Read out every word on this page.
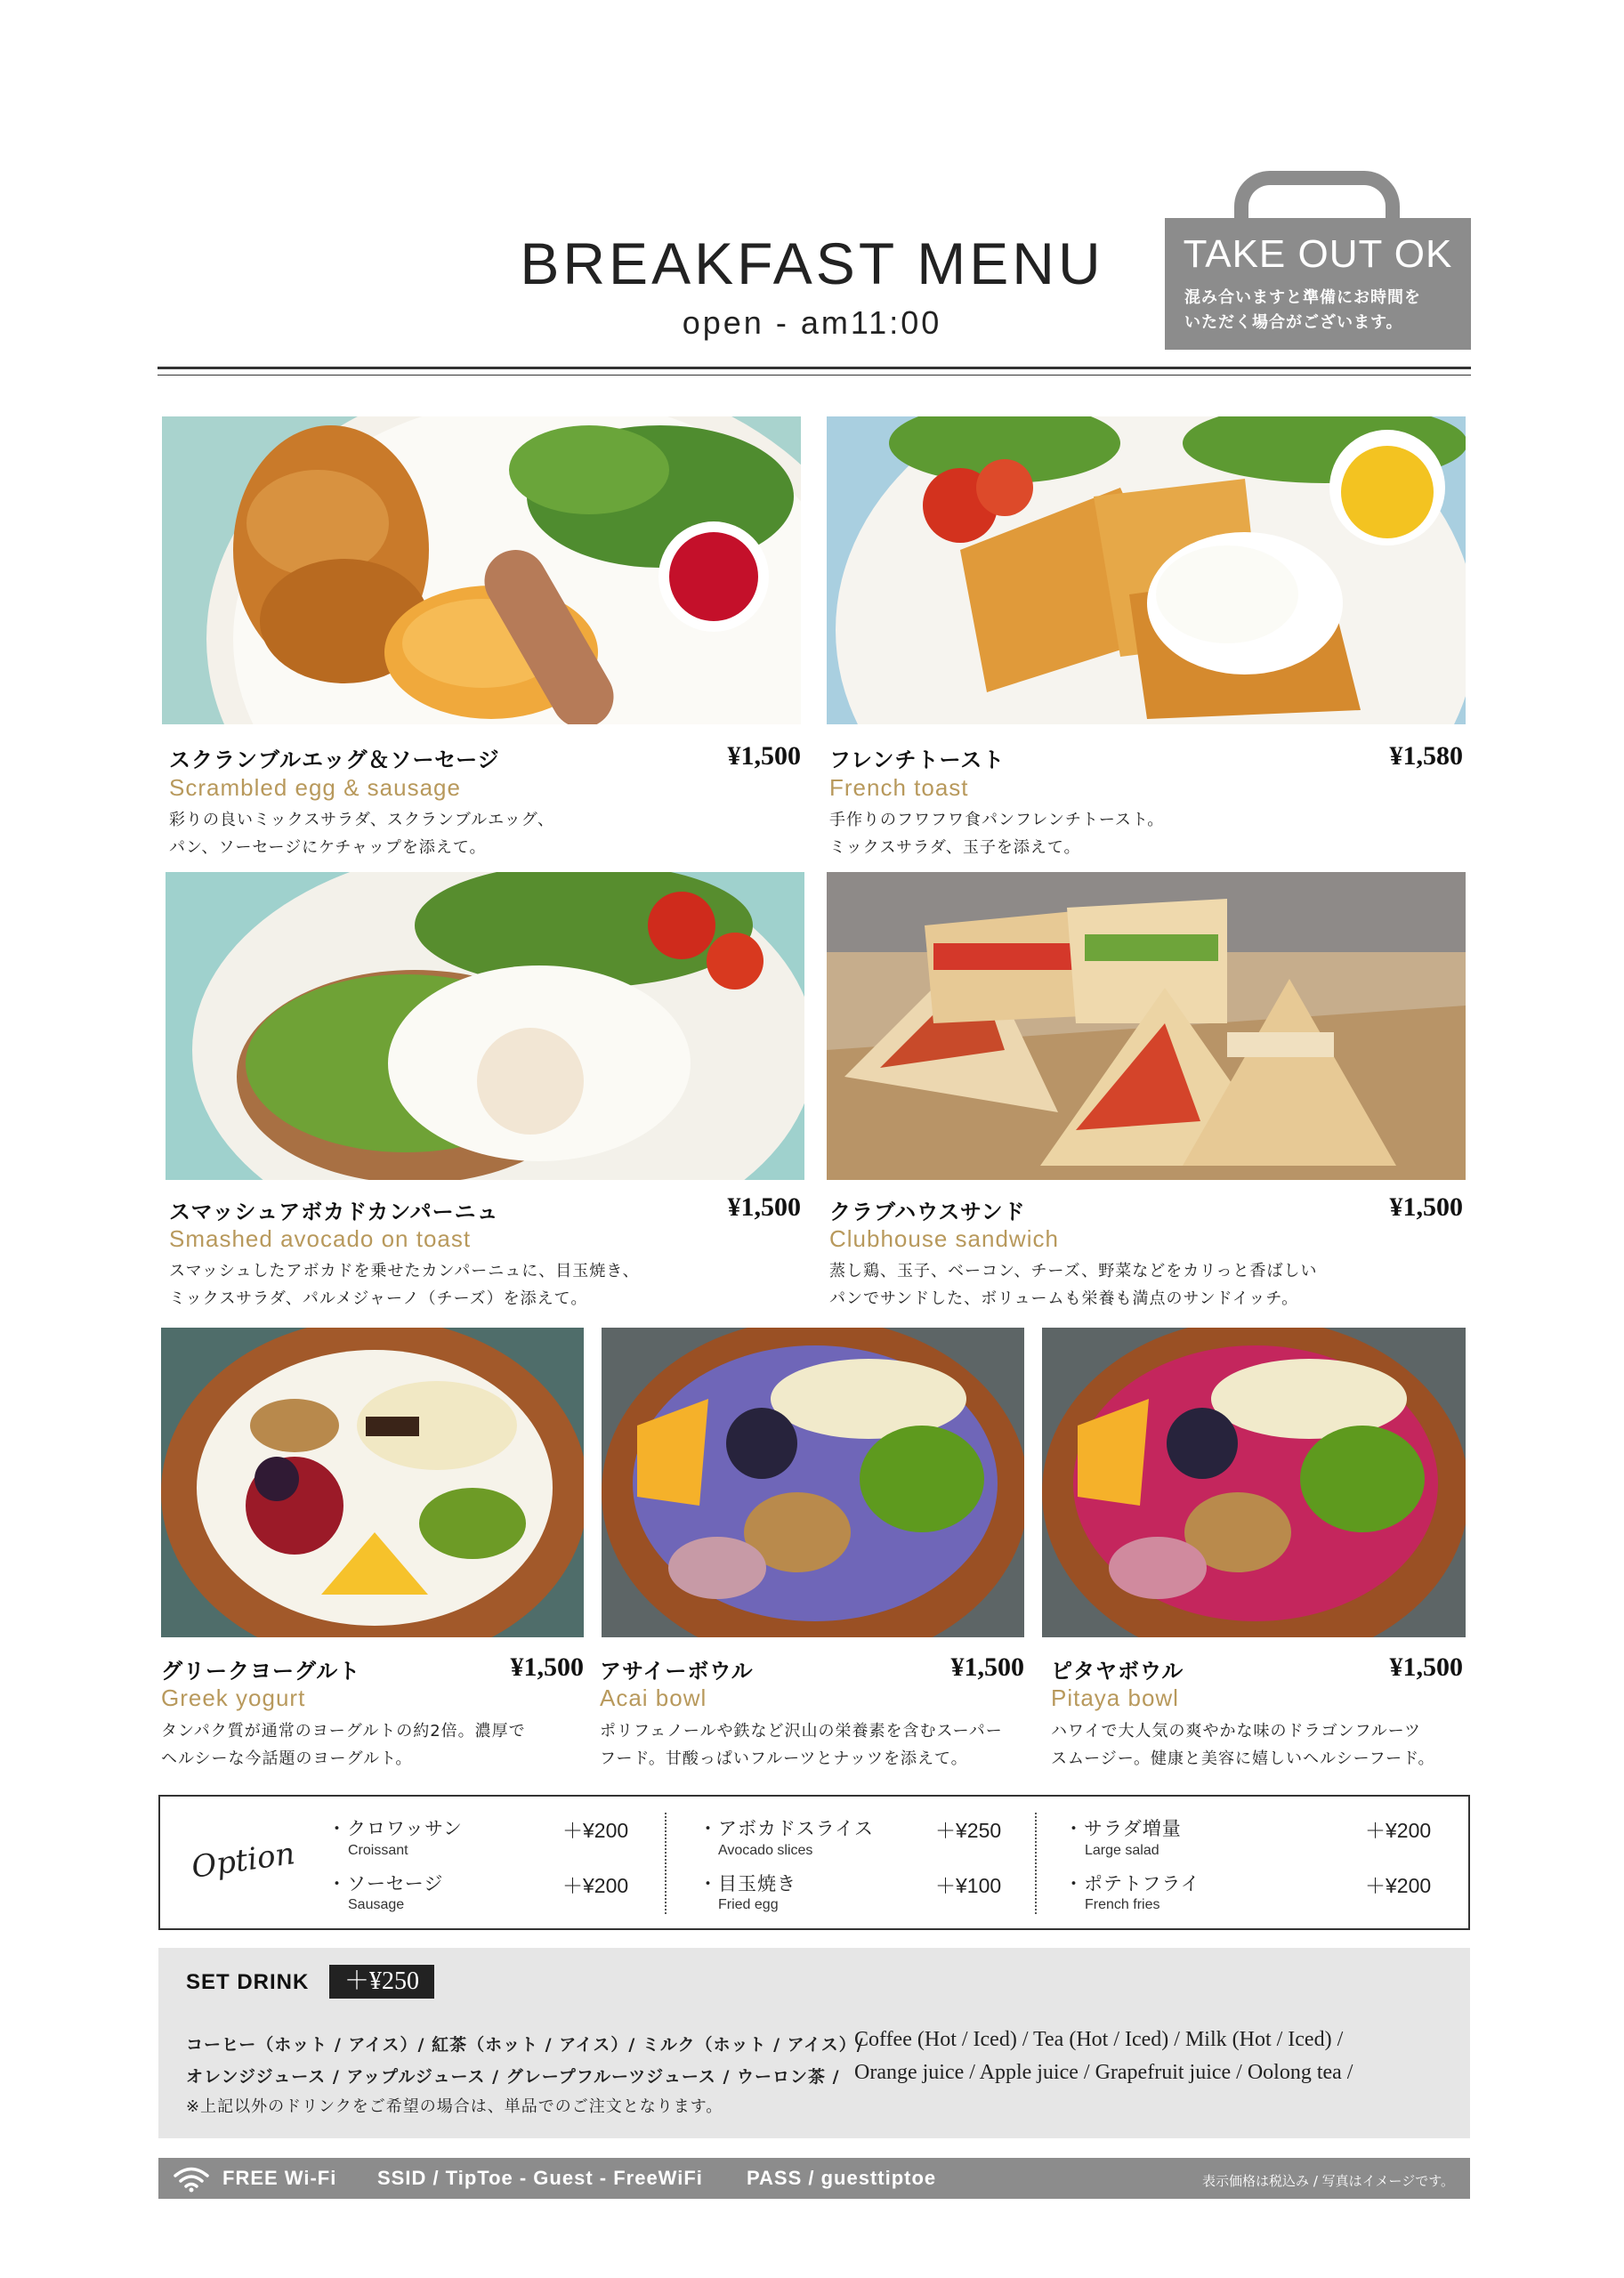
BREAKFAST MENU
open - am11:00
TAKE OUT OK
混み合いますと準備にお時間を
いただく場合がございます。
スクランブルエッグ＆ソーセージ	¥1,500
Scrambled egg & sausage
彩りの良いミックスサラダ、スクランブルエッグ、
パン、ソーセージにケチャップを添えて。
フレンチトースト	¥1,580
French toast
手作りのフワフワ食パンフレンチトースト。
ミックスサラダ、玉子を添えて。
スマッシュアボカドカンパーニュ	¥1,500
Smashed avocado on toast
スマッシュしたアボカドを乗せたカンパーニュに、目玉焼き、
ミックスサラダ、パルメジャーノ（チーズ）を添えて。
クラブハウスサンド	¥1,500
Clubhouse sandwich
蒸し鶏、玉子、ベーコン、チーズ、野菜などをカリっと香ばしい
パンでサンドした、ボリュームも栄養も満点のサンドイッチ。
グリークヨーグルト	¥1,500
Greek yogurt
タンパク質が通常のヨーグルトの約2倍。濃厚で
ヘルシーな今話題のヨーグルト。
アサイーボウル	¥1,500
Acai bowl
ポリフェノールや鉄など沢山の栄養素を含むスーパー
フード。甘酸っぱいフルーツとナッツを添えて。
ピタヤボウル	¥1,500
Pitaya bowl
ハワイで大人気の爽やかな味のドラゴンフルーツ
スムージー。健康と美容に嬉しいヘルシーフード。
Option
・クロワッサン
Croissant
＋¥200
・ソーセージ
Sausage
＋¥200
・アボカドスライス
Avocado slices
＋¥250
・目玉焼き
Fried egg
＋¥100
・サラダ増量
Large salad
＋¥200
・ポテトフライ
French fries
＋¥200
SET DRINK	＋¥250
コーヒー（ホット / アイス）/ 紅茶（ホット / アイス）/ ミルク（ホット / アイス）/
オレンジジュース / アップルジュース / グレープフルーツジュース / ウーロン茶 /
Coffee (Hot / Iced) / Tea (Hot / Iced) / Milk (Hot / Iced) /
Orange juice / Apple juice / Grapefruit juice / Oolong tea /
※上記以外のドリンクをご希望の場合は、単品でのご注文となります。
FREE Wi-Fi SSID / TipToe - Guest - FreeWiFi PASS / guesttiptoe	表示価格は税込み / 写真はイメージです。
